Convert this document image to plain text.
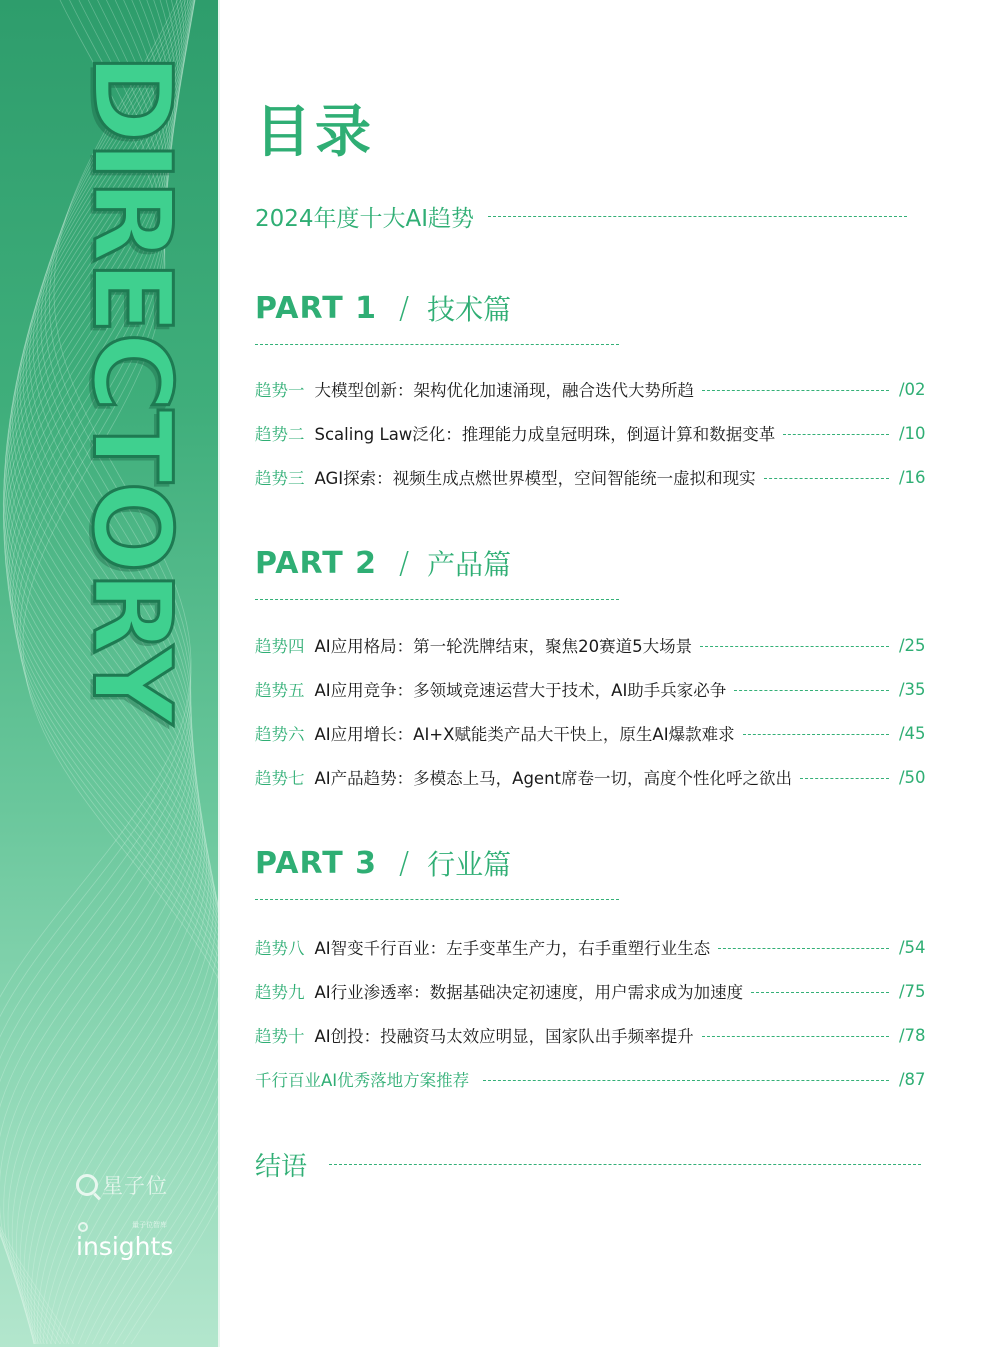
DIRECTORY
星子位
量子位智库
insights
目录
2024年度十大AI趋势
PART 1 / 技术篇
趋势一 大模型创新：架构优化加速涌现，融合迭代大势所趋	/02
趋势二 Scaling Law泛化：推理能力成皇冠明珠，倒逼计算和数据变革	/10
趋势三 AGI探索：视频生成点燃世界模型，空间智能统一虚拟和现实	/16
PART 2 / 产品篇
趋势四 AI应用格局：第一轮洗牌结束，聚焦20赛道5大场景	/25
趋势五 AI应用竞争：多领域竞速运营大于技术，AI助手兵家必争	/35
趋势六 AI应用增长：AI+X赋能类产品大干快上，原生AI爆款难求	/45
趋势七 AI产品趋势：多模态上马，Agent席卷一切，高度个性化呼之欲出	/50
PART 3 / 行业篇
趋势八 AI智变千行百业：左手变革生产力，右手重塑行业生态	/54
趋势九 AI行业渗透率：数据基础决定初速度，用户需求成为加速度	/75
趋势十 AI创投：投融资马太效应明显，国家队出手频率提升	/78
千行百业AI优秀落地方案推荐	/87
结语
